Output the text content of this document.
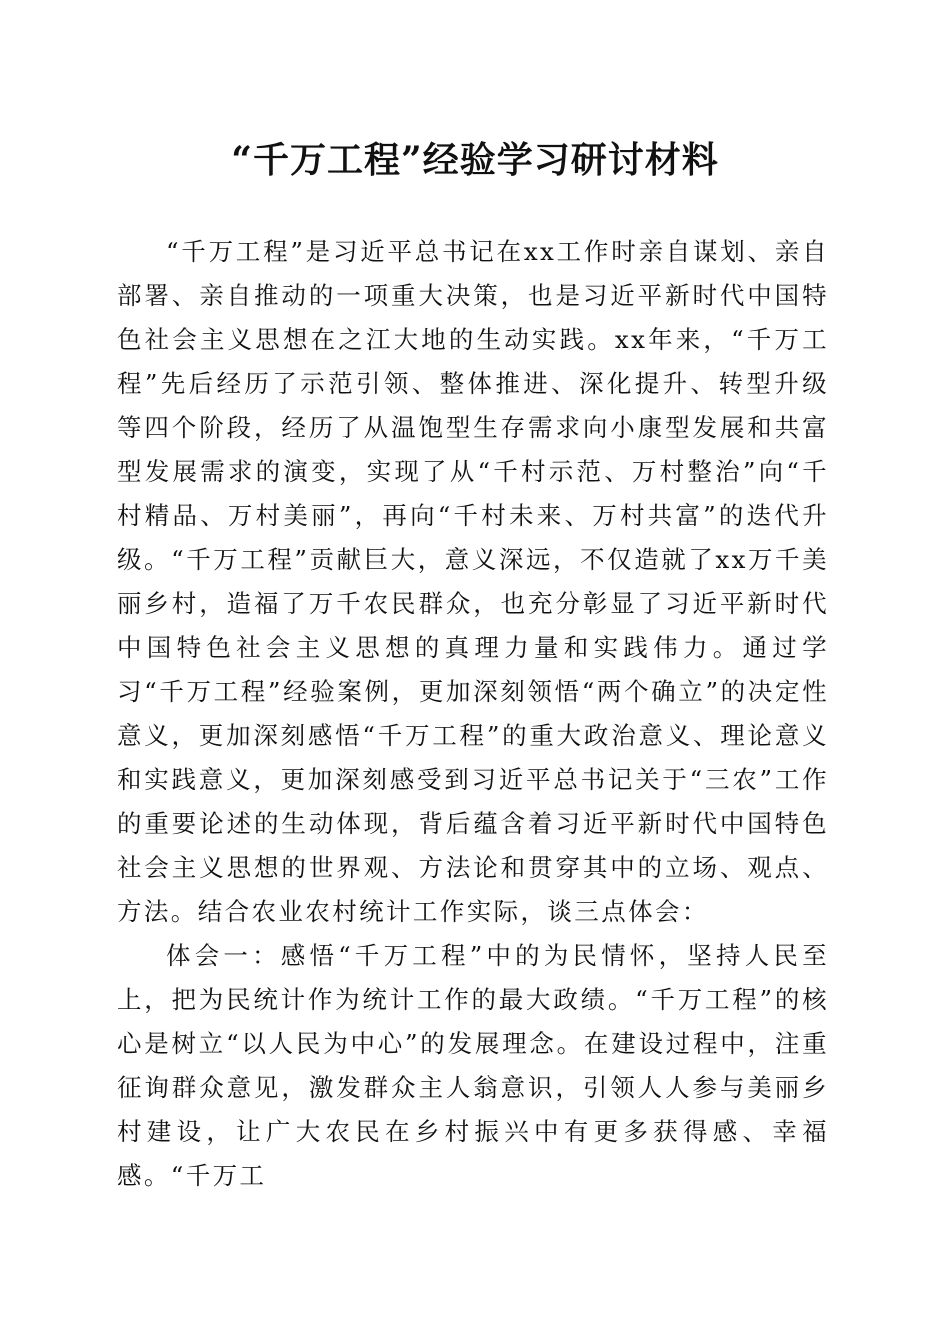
“千万工程”经验学习研讨材料

“千万工程”是习近平总书记在xx工作时亲自谋划、亲自部署、亲自推动的一项重大决策，也是习近平新时代中国特色社会主义思想在之江大地的生动实践。xx年来，“千万工程”先后经历了示范引领、整体推进、深化提升、转型升级等四个阶段，经历了从温饱型生存需求向小康型发展和共富型发展需求的演变，实现了从“千村示范、万村整治”向“千村精品、万村美丽”，再向“千村未来、万村共富”的迭代升级。“千万工程”贡献巨大，意义深远，不仅造就了xx万千美丽乡村，造福了万千农民群众，也充分彰显了习近平新时代中国特色社会主义思想的真理力量和实践伟力。通过学习“千万工程”经验案例，更加深刻领悟“两个确立”的决定性意义，更加深刻感悟“千万工程”的重大政治意义、理论意义和实践意义，更加深刻感受到习近平总书记关于“三农”工作的重要论述的生动体现，背后蕴含着习近平新时代中国特色社会主义思想的世界观、方法论和贯穿其中的立场、观点、方法。结合农业农村统计工作实际，谈三点体会：

体会一：感悟“千万工程”中的为民情怀，坚持人民至上，把为民统计作为统计工作的最大政绩。“千万工程”的核心是树立“以人民为中心”的发展理念。在建设过程中，注重征询群众意见，激发群众主人翁意识，引领人人参与美丽乡村建设，让广大农民在乡村振兴中有更多获得感、幸福感。“千万工
